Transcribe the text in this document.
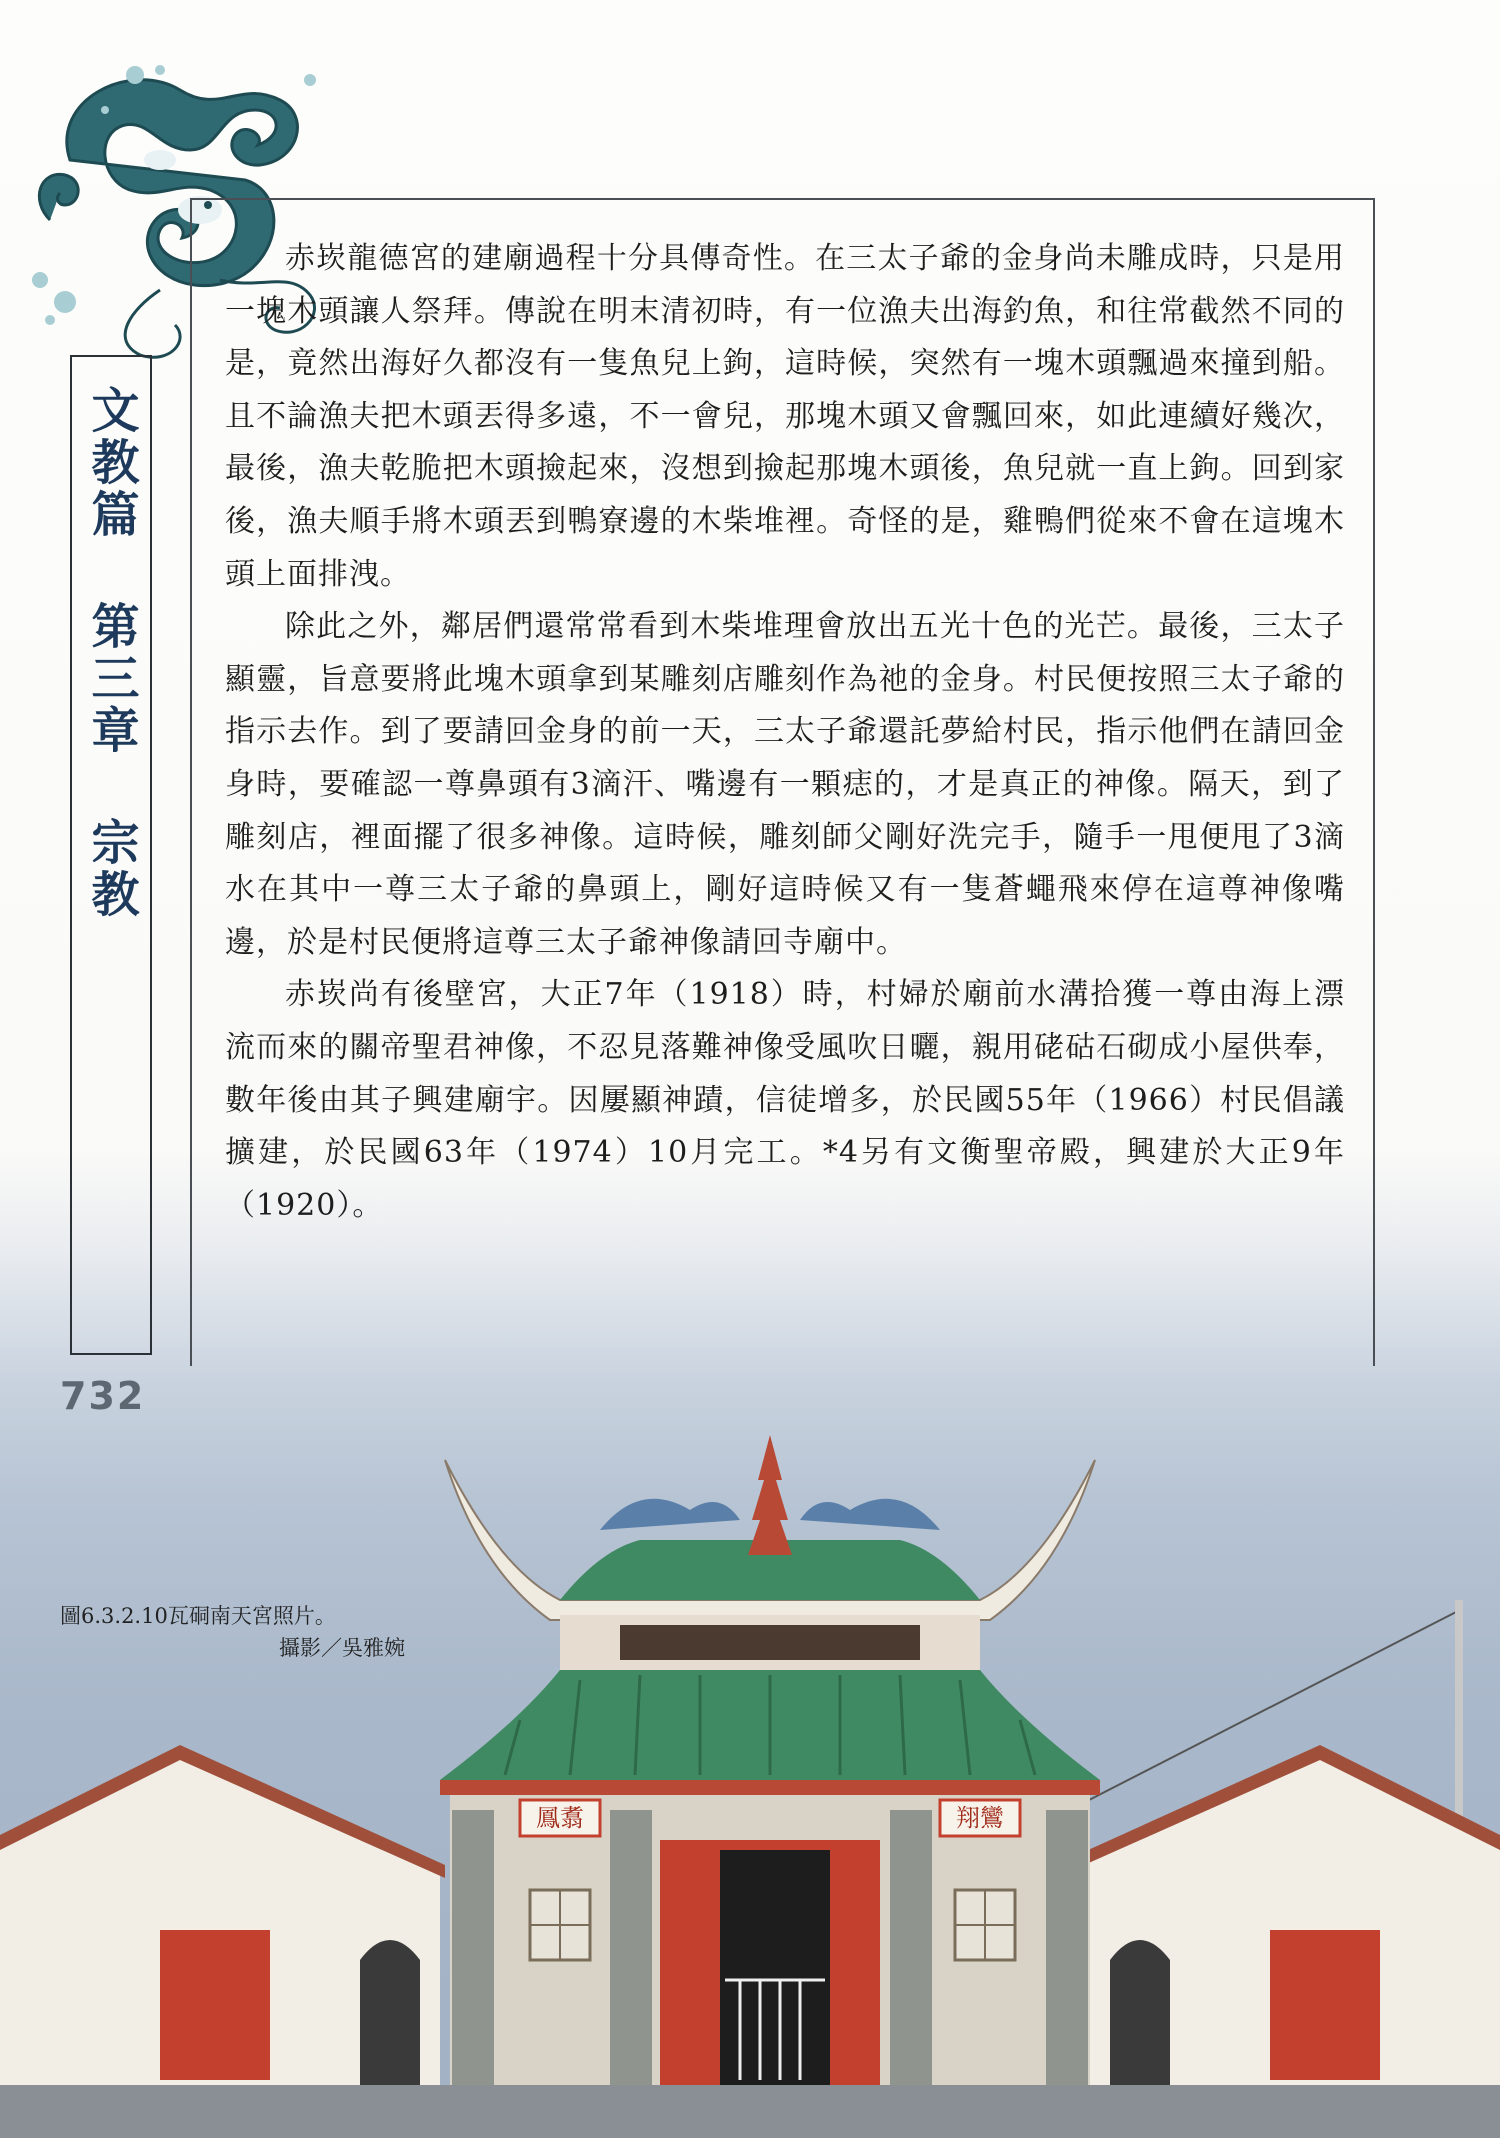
文教篇 第三章 宗教
732

赤崁龍德宮的建廟過程十分具傳奇性。在三太子爺的金身尚未雕成時，只是用一塊木頭讓人祭拜。傳說在明末清初時，有一位漁夫出海釣魚，和往常截然不同的是，竟然出海好久都沒有一隻魚兒上鉤，這時候，突然有一塊木頭飄過來撞到船。且不論漁夫把木頭丟得多遠，不一會兒，那塊木頭又會飄回來，如此連續好幾次，最後，漁夫乾脆把木頭撿起來，沒想到撿起那塊木頭後，魚兒就一直上鉤。回到家後，漁夫順手將木頭丟到鴨寮邊的木柴堆裡。奇怪的是，雞鴨們從來不會在這塊木頭上面排洩。

除此之外，鄰居們還常常看到木柴堆理會放出五光十色的光芒。最後，三太子顯靈，旨意要將此塊木頭拿到某雕刻店雕刻作為祂的金身。村民便按照三太子爺的指示去作。到了要請回金身的前一天，三太子爺還託夢給村民，指示他們在請回金身時，要確認一尊鼻頭有3滴汗、嘴邊有一顆痣的，才是真正的神像。隔天，到了雕刻店，裡面擺了很多神像。這時候，雕刻師父剛好洗完手，隨手一甩便甩了3滴水在其中一尊三太子爺的鼻頭上，剛好這時候又有一隻蒼蠅飛來停在這尊神像嘴邊，於是村民便將這尊三太子爺神像請回寺廟中。

赤崁尚有後壁宮，大正7年（1918）時，村婦於廟前水溝拾獲一尊由海上漂流而來的關帝聖君神像，不忍見落難神像受風吹日曬，親用硓𥑮石砌成小屋供奉，數年後由其子興建廟宇。因屢顯神蹟，信徒增多，於民國55年（1966）村民倡議擴建，於民國63年（1974）10月完工。*4另有文衡聖帝殿，興建於大正9年（1920）。

圖6.3.2.10瓦硐南天宮照片。
攝影／吳雅婉
鳳翥	翔鸞
